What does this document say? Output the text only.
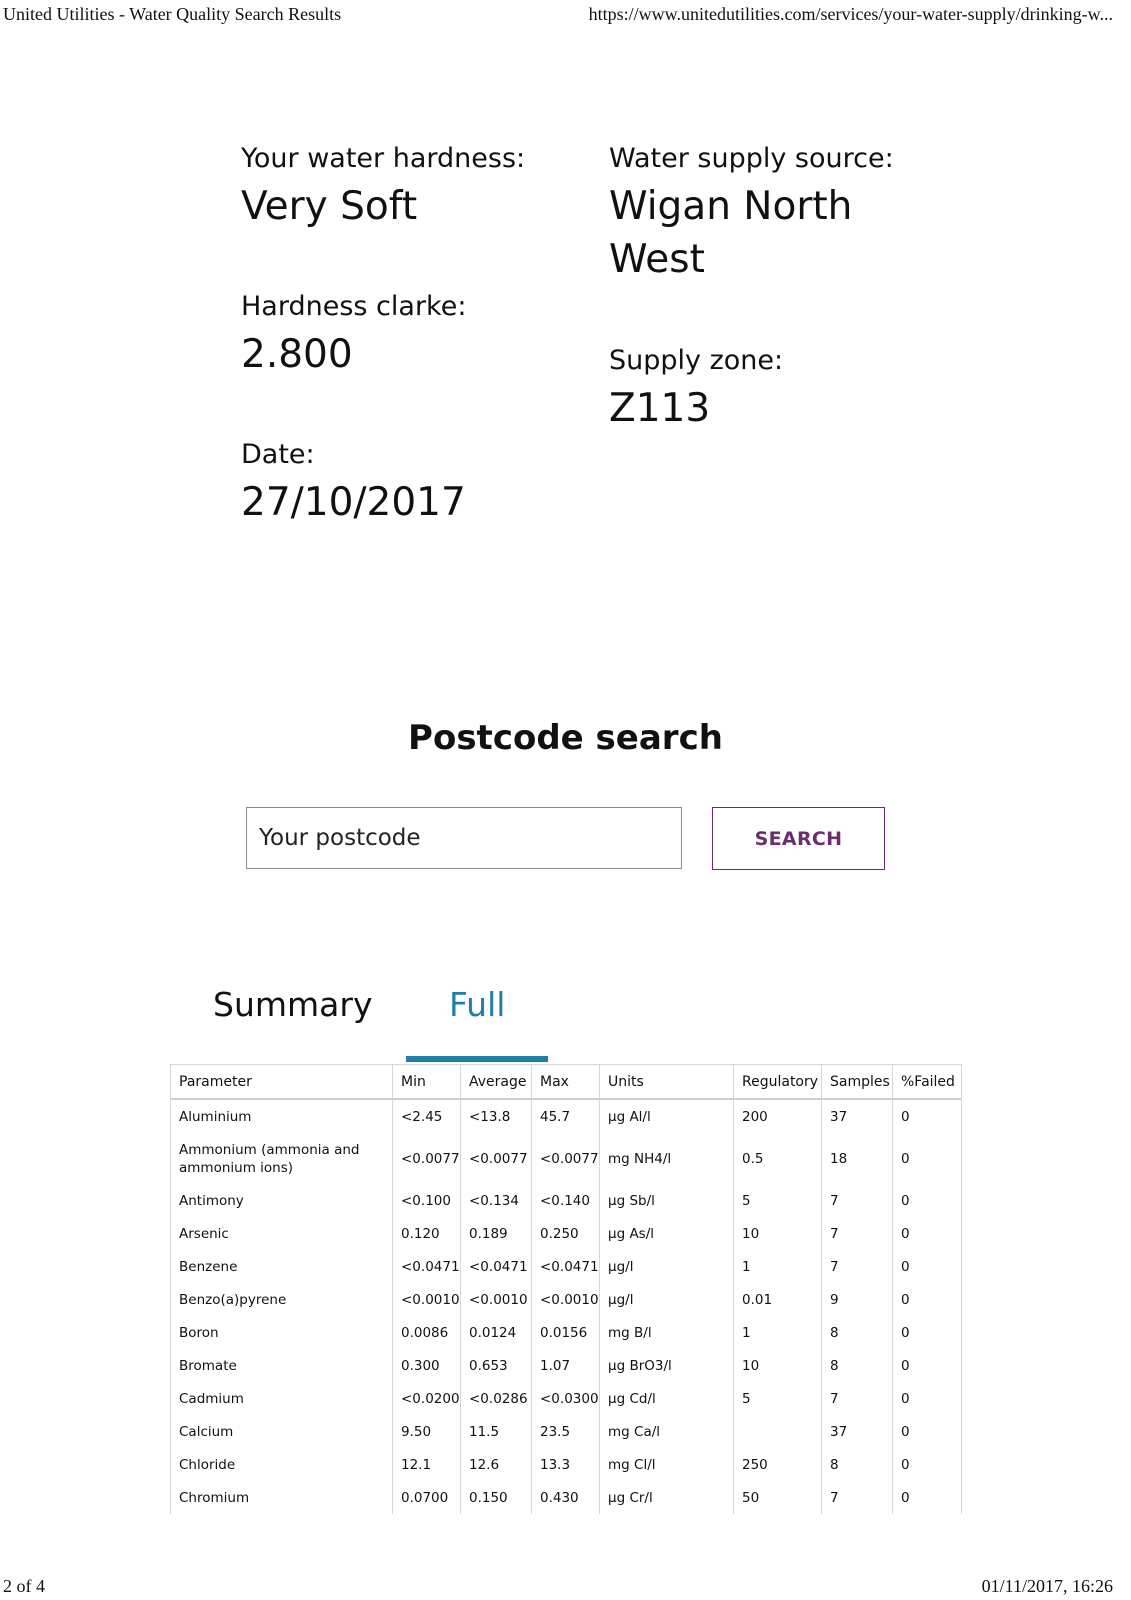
United Utilities - Water Quality Search Results	https://www.unitedutilities.com/services/your-water-supply/drinking-w...
Your water hardness:
Very Soft
Hardness clarke:
2.800
Date:
27/10/2017
Water supply source:
Wigan North West
Supply zone:
Z113
Postcode search
Your postcode
SEARCH
Summary Full
Parameter	Min	Average	Max	Units	Regulatory	Samples	%Failed
Aluminium	<2.45	<13.8	45.7	µg Al/l	200	37	0
Ammonium (ammonia and ammonium ions)	<0.0077	<0.0077	<0.0077	mg NH4/l	0.5	18	0
Antimony	<0.100	<0.134	<0.140	µg Sb/l	5	7	0
Arsenic	0.120	0.189	0.250	µg As/l	10	7	0
Benzene	<0.0471	<0.0471	<0.0471	µg/l	1	7	0
Benzo(a)pyrene	<0.0010	<0.0010	<0.0010	µg/l	0.01	9	0
Boron	0.0086	0.0124	0.0156	mg B/l	1	8	0
Bromate	0.300	0.653	1.07	µg BrO3/l	10	8	0
Cadmium	<0.0200	<0.0286	<0.0300	µg Cd/l	5	7	0
Calcium	9.50	11.5	23.5	mg Ca/l		37	0
Chloride	12.1	12.6	13.3	mg Cl/l	250	8	0
Chromium	0.0700	0.150	0.430	µg Cr/l	50	7	0
2 of 4	01/11/2017, 16:26
